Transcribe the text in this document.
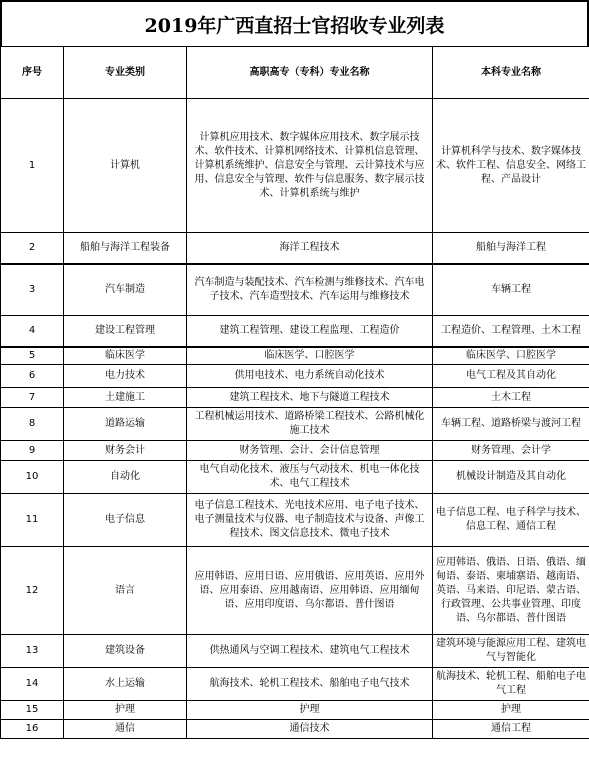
2019年广西直招士官招收专业列表
序号	专业类别	高职高专（专科）专业名称	本科专业名称
1	计算机	计算机应用技术、数字媒体应用技术、数字展示技术、软件技术、计算机网络技术、计算机信息管理、计算机系统维护、信息安全与管理、云计算技术与应用、信息安全与管理、软件与信息服务、数字展示技术、计算机系统与维护	计算机科学与技术、数字媒体技术、软件工程、信息安全、网络工程、产品设计
2	船舶与海洋工程装备	海洋工程技术	船舶与海洋工程
3	汽车制造	汽车制造与装配技术、汽车检测与维修技术、汽车电子技术、汽车造型技术、汽车运用与维修技术	车辆工程
4	建设工程管理	建筑工程管理、建设工程监理、工程造价	工程造价、工程管理、土木工程
5	临床医学	临床医学、口腔医学	临床医学、口腔医学
6	电力技术	供用电技术、电力系统自动化技术	电气工程及其自动化
7	土建施工	建筑工程技术、地下与隧道工程技术	土木工程
8	道路运输	工程机械运用技术、道路桥梁工程技术、公路机械化施工技术	车辆工程、道路桥梁与渡河工程
9	财务会计	财务管理、会计、会计信息管理	财务管理、会计学
10	自动化	电气自动化技术、液压与气动技术、机电一体化技术、电气工程技术	机械设计制造及其自动化
11	电子信息	电子信息工程技术、光电技术应用、电子电子技术、电子测量技术与仪器、电子制造技术与设备、声像工程技术、图文信息技术、微电子技术	电子信息工程、电子科学与技术、信息工程、通信工程
12	语言	应用韩语、应用日语、应用俄语、应用英语、应用外语、应用泰语、应用越南语、应用韩语、应用缅甸语、应用印度语、乌尔都语、普什图语	应用韩语、俄语、日语、俄语、缅甸语、泰语、柬埔寨语、越南语、英语、马来语、印尼语、蒙古语、行政管理、公共事业管理、印度语、乌尔都语、普什图语
13	建筑设备	供热通风与空调工程技术、建筑电气工程技术	建筑环境与能源应用工程、建筑电气与智能化
14	水上运输	航海技术、轮机工程技术、船舶电子电气技术	航海技术、轮机工程、船舶电子电气工程
15	护理	护理	护理
16	通信	通信技术	通信工程
